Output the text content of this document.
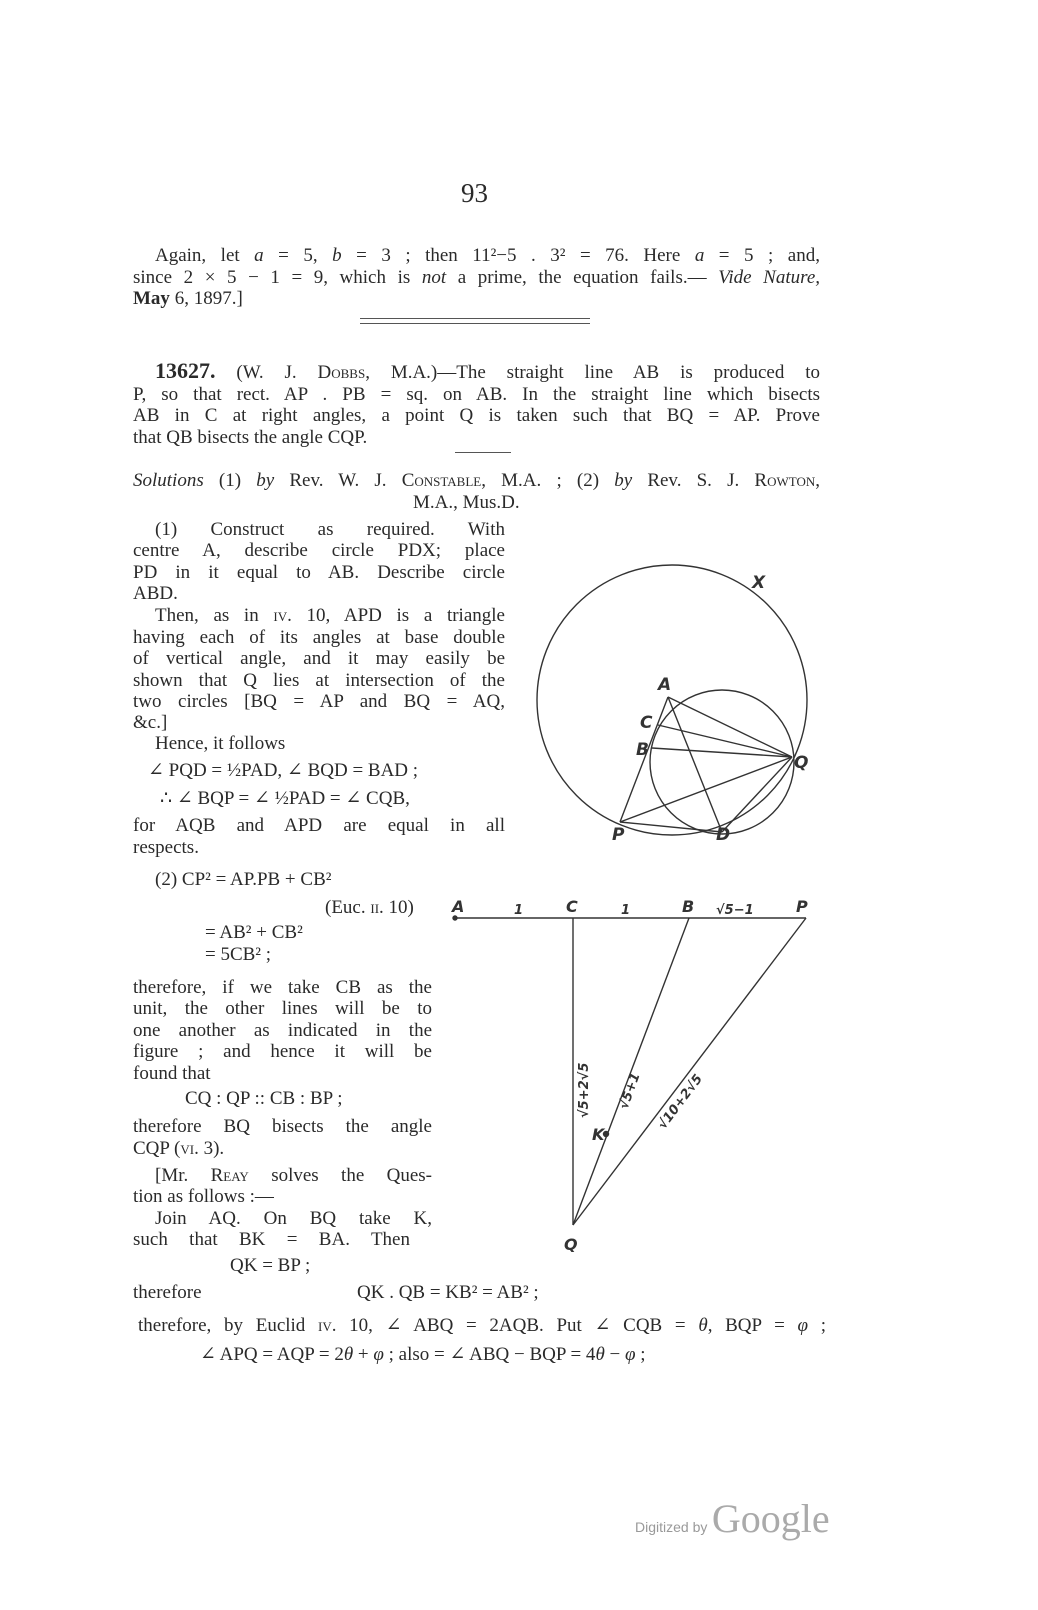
93
Again, let a = 5, b = 3 ; then 11²−5 . 3² = 76. Here a = 5 ; and,
since 2 × 5 − 1 = 9, which is not a prime, the equation fails.— Vide Nature,
May 6, 1897.]
13627. (W. J. Dobbs, M.A.)—The straight line AB is produced to
P, so that rect. AP . PB = sq. on AB. In the straight line which bisects
AB in C at right angles, a point Q is taken such that BQ = AP. Prove
that QB bisects the angle CQP.
Solutions (1) by Rev. W. J. Constable, M.A. ; (2) by Rev. S. J. Rowton,
M.A., Mus.D.
(1) Construct as required. With
centre A, describe circle PDX; place
PD in it equal to AB. Describe circle
ABD.
Then, as in iv. 10, APD is a triangle
having each of its angles at base double
of vertical angle, and it may easily be
shown that Q lies at intersection of the
two circles [BQ = AP and BQ = AQ,
&c.]
Hence, it follows
∠ PQD = ½PAD, ∠ BQD = BAD ;
∴ ∠ BQP = ∠ ½PAD = ∠ CQB,
for AQB and APD are equal in all
respects.
(2) CP² = AP.PB + CB²
(Euc. ii. 10)
= AB² + CB²
= 5CB² ;
therefore, if we take CB as the
unit, the other lines will be to
one another as indicated in the
figure ; and hence it will be
found that
CQ : QP :: CB : BP ;
therefore BQ bisects the angle
CQP (vi. 3).
[Mr. Reay solves the Ques-
tion as follows :—
Join AQ. On BQ take K,
such that BK = BA. Then
QK = BP ;
therefore	QK . QB = KB² = AB² ;
therefore, by Euclid iv. 10, ∠ ABQ = 2AQB. Put ∠ CQB = θ, BQP = φ ;
∠ APQ = AQP = 2θ + φ ; also = ∠ ABQ − BQP = 4θ − φ ;
X
A
C
B
Q
P	D
A	1	C	1	B √5−1	P
√5+2√5 √5+1 √10+2√5
K
Q
Digitized by Google
